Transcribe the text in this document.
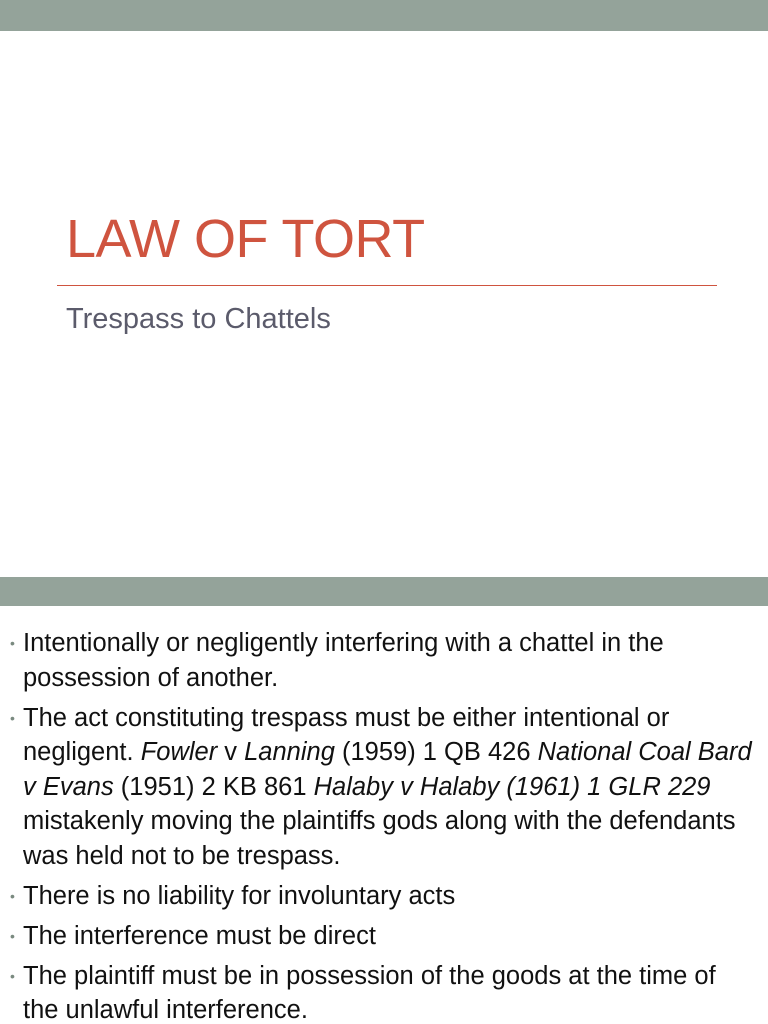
LAW OF TORT
Trespass to Chattels
• Intentionally or negligently interfering with a chattel in the possession of another.
• The act constituting trespass must be either intentional or negligent. Fowler v Lanning (1959) 1 QB 426 National Coal Bard v Evans (1951) 2 KB 861 Halaby v Halaby (1961) 1 GLR 229 mistakenly moving the plaintiffs gods along with the defendants was held not to be trespass.
• There is no liability for involuntary acts
• The interference must be direct
• The plaintiff must be in possession of the goods at the time of the unlawful interference.
